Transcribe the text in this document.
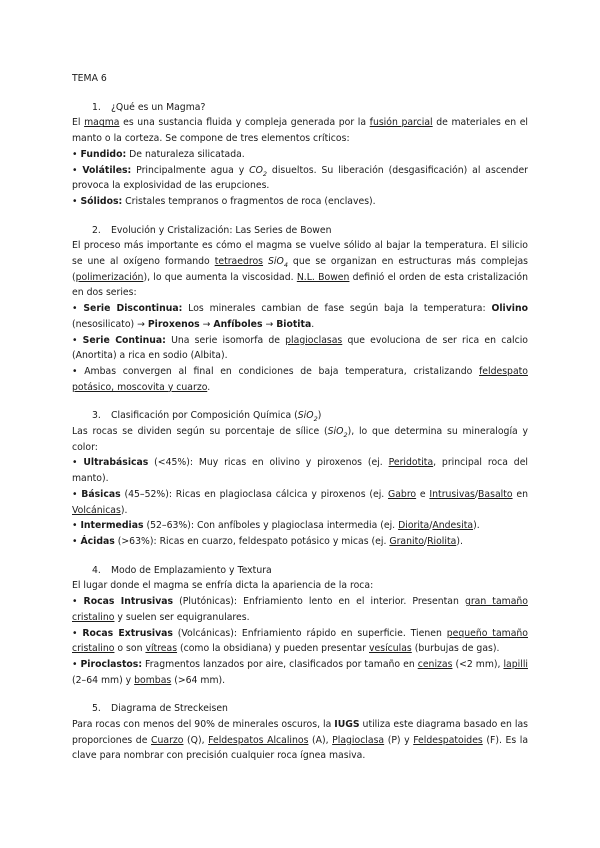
TEMA 6
1. ¿Qué es un Magma?
El magma es una sustancia fluida y compleja generada por la fusión parcial de materiales en el manto o la corteza. Se compone de tres elementos críticos:
• Fundido: De naturaleza silicatada.
• Volátiles: Principalmente agua y $CO_2$ disueltos. Su liberación (desgasificación) al ascender provoca la explosividad de las erupciones.
• Sólidos: Cristales tempranos o fragmentos de roca (enclaves).
2. Evolución y Cristalización: Las Series de Bowen
El proceso más importante es cómo el magma se vuelve sólido al bajar la temperatura. El silicio se une al oxígeno formando tetraedros SiO$_4$ que se organizan en estructuras más complejas (polimerización), lo que aumenta la viscosidad. N.L. Bowen definió el orden de esta cristalización en dos series:
• Serie Discontinua: Los minerales cambian de fase según baja la temperatura: Olivino (nesosilicato) → Piroxenos → Anfíboles → Biotita.
• Serie Continua: Una serie isomorfa de plagioclasas que evoluciona de ser rica en calcio (Anortita) a rica en sodio (Albita).
• Ambas convergen al final en condiciones de baja temperatura, cristalizando feldespato potásico, moscovita y cuarzo.
3. Clasificación por Composición Química (SiO$_2$)
Las rocas se dividen según su porcentaje de sílice (SiO$_2$), lo que determina su mineralogía y color:
• Ultrabásicas (<45%): Muy ricas en olivino y piroxenos (ej. Peridotita, principal roca del manto).
• Básicas (45–52%): Ricas en plagioclasa cálcica y piroxenos (ej. Gabro e Intrusivas/Basalto en Volcánicas).
• Intermedias (52–63%): Con anfíboles y plagioclasa intermedia (ej. Diorita/Andesita).
• Ácidas (>63%): Ricas en cuarzo, feldespato potásico y micas (ej. Granito/Riolita).
4. Modo de Emplazamiento y Textura
El lugar donde el magma se enfría dicta la apariencia de la roca:
• Rocas Intrusivas (Plutónicas): Enfriamiento lento en el interior. Presentan gran tamaño cristalino y suelen ser equigranulares.
• Rocas Extrusivas (Volcánicas): Enfriamiento rápido en superficie. Tienen pequeño tamaño cristalino o son vítreas (como la obsidiana) y pueden presentar vesículas (burbujas de gas).
• Piroclastos: Fragmentos lanzados por aire, clasificados por tamaño en cenizas (<2 mm), lapilli (2–64 mm) y bombas (>64 mm).
5. Diagrama de Streckeisen
Para rocas con menos del 90% de minerales oscuros, la IUGS utiliza este diagrama basado en las proporciones de Cuarzo (Q), Feldespatos Alcalinos (A), Plagioclasa (P) y Feldespatoides (F). Es la clave para nombrar con precisión cualquier roca ígnea masiva.
